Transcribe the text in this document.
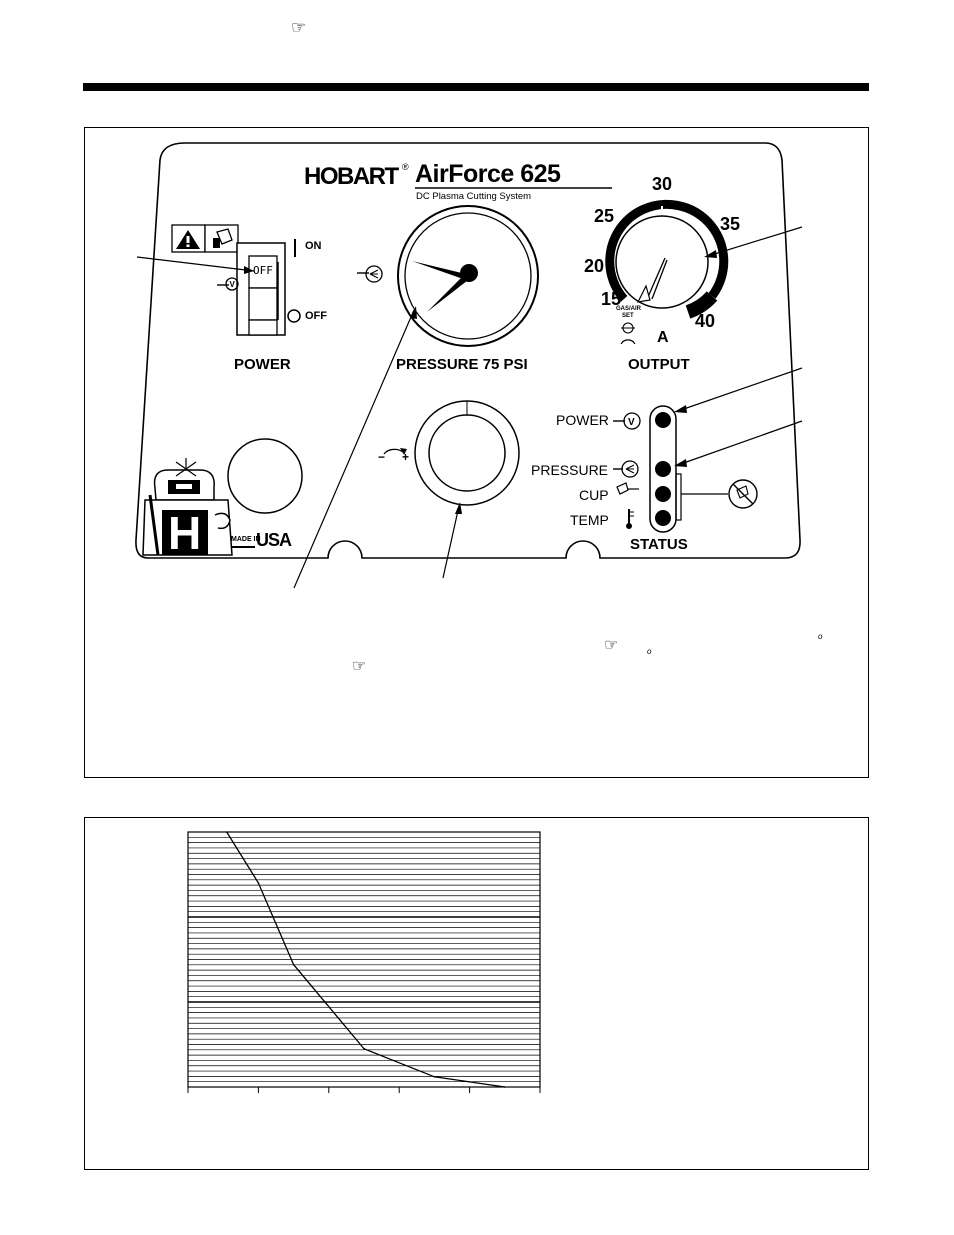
☞
V
V
HOBART ® AirForce 625
DC Plasma Cutting System
OFF
ON
OFF
POWER	PRESSURE 75 PSI	OUTPUT
15
20
25
30
35
40
GAS/AIR
SET
A
− +
POWER
PRESSURE
CUP
TEMP
STATUS
H	MADE IN
USA
☞
☞
o
o
